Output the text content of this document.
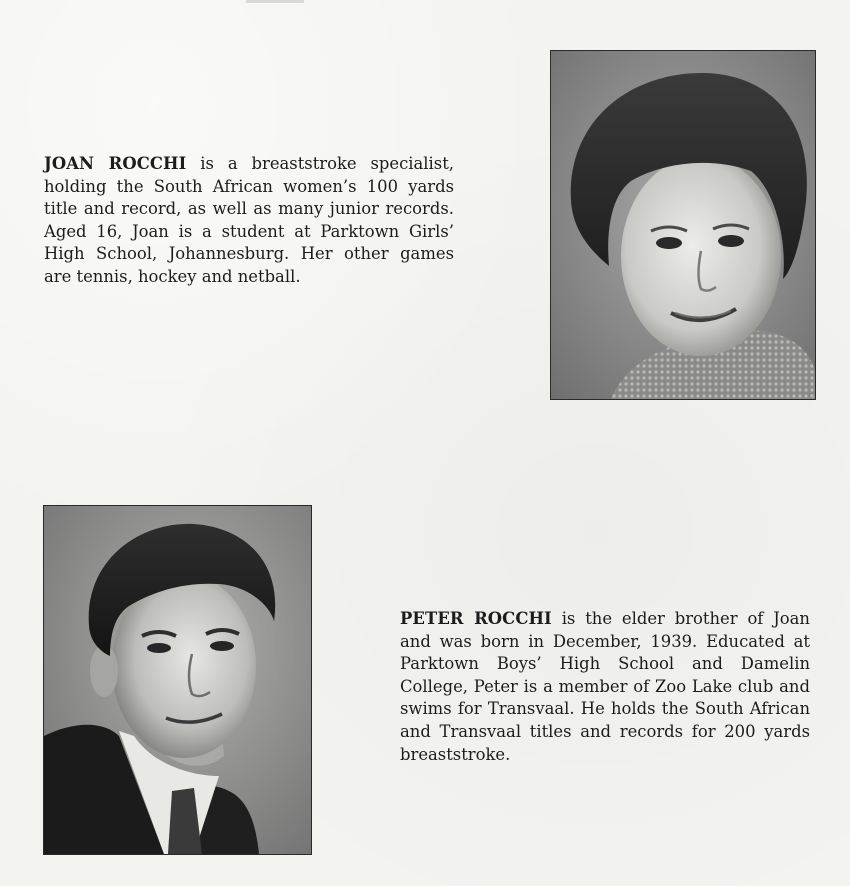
JOAN ROCCHI is a breaststroke specialist, holding the South African women’s 100 yards title and record, as well as many junior records. Aged 16, Joan is a student at Parktown Girls’ High School, Johannesburg. Her other games are tennis, hockey and netball.

PETER ROCCHI is the elder brother of Joan and was born in December, 1939. Educated at Parktown Boys’ High School and Damelin College, Peter is a member of Zoo Lake club and swims for Transvaal. He holds the South African and Transvaal titles and records for 200 yards breaststroke.
